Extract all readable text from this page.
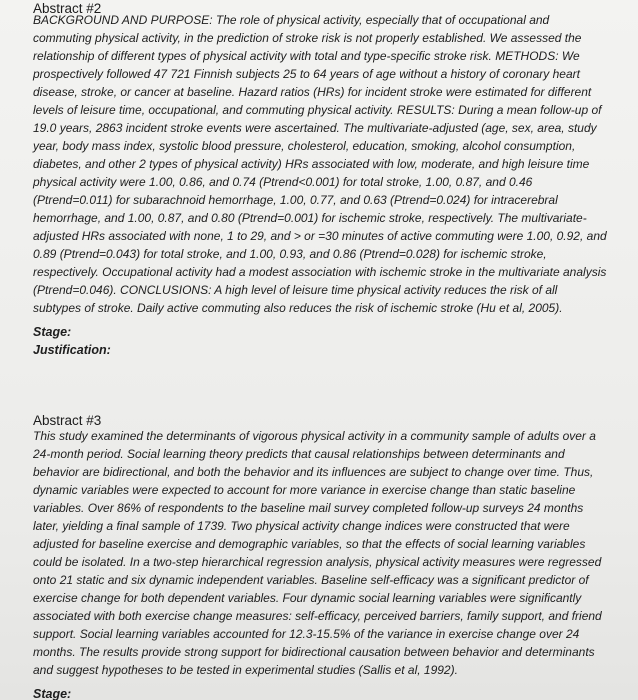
Abstract #2
BACKGROUND AND PURPOSE: The role of physical activity, especially that of occupational and
commuting physical activity, in the prediction of stroke risk is not properly established. We assessed the
relationship of different types of physical activity with total and type-specific stroke risk. METHODS: We
prospectively followed 47 721 Finnish subjects 25 to 64 years of age without a history of coronary heart
disease, stroke, or cancer at baseline. Hazard ratios (HRs) for incident stroke were estimated for different
levels of leisure time, occupational, and commuting physical activity. RESULTS: During a mean follow-up of
19.0 years, 2863 incident stroke events were ascertained. The multivariate-adjusted (age, sex, area, study
year, body mass index, systolic blood pressure, cholesterol, education, smoking, alcohol consumption,
diabetes, and other 2 types of physical activity) HRs associated with low, moderate, and high leisure time
physical activity were 1.00, 0.86, and 0.74 (Ptrend<0.001) for total stroke, 1.00, 0.87, and 0.46
(Ptrend=0.011) for subarachnoid hemorrhage, 1.00, 0.77, and 0.63 (Ptrend=0.024) for intracerebral
hemorrhage, and 1.00, 0.87, and 0.80 (Ptrend=0.001) for ischemic stroke, respectively. The multivariate-
adjusted HRs associated with none, 1 to 29, and > or =30 minutes of active commuting were 1.00, 0.92, and
0.89 (Ptrend=0.043) for total stroke, and 1.00, 0.93, and 0.86 (Ptrend=0.028) for ischemic stroke,
respectively. Occupational activity had a modest association with ischemic stroke in the multivariate analysis
(Ptrend=0.046). CONCLUSIONS: A high level of leisure time physical activity reduces the risk of all
subtypes of stroke. Daily active commuting also reduces the risk of ischemic stroke (Hu et al, 2005).
Stage:
Justification:
Abstract #3
This study examined the determinants of vigorous physical activity in a community sample of adults over a
24-month period. Social learning theory predicts that causal relationships between determinants and
behavior are bidirectional, and both the behavior and its influences are subject to change over time. Thus,
dynamic variables were expected to account for more variance in exercise change than static baseline
variables. Over 86% of respondents to the baseline mail survey completed follow-up surveys 24 months
later, yielding a final sample of 1739. Two physical activity change indices were constructed that were
adjusted for baseline exercise and demographic variables, so that the effects of social learning variables
could be isolated. In a two-step hierarchical regression analysis, physical activity measures were regressed
onto 21 static and six dynamic independent variables. Baseline self-efficacy was a significant predictor of
exercise change for both dependent variables. Four dynamic social learning variables were significantly
associated with both exercise change measures: self-efficacy, perceived barriers, family support, and friend
support. Social learning variables accounted for 12.3-15.5% of the variance in exercise change over 24
months. The results provide strong support for bidirectional causation between behavior and determinants
and suggest hypotheses to be tested in experimental studies (Sallis et al, 1992).
Stage:
